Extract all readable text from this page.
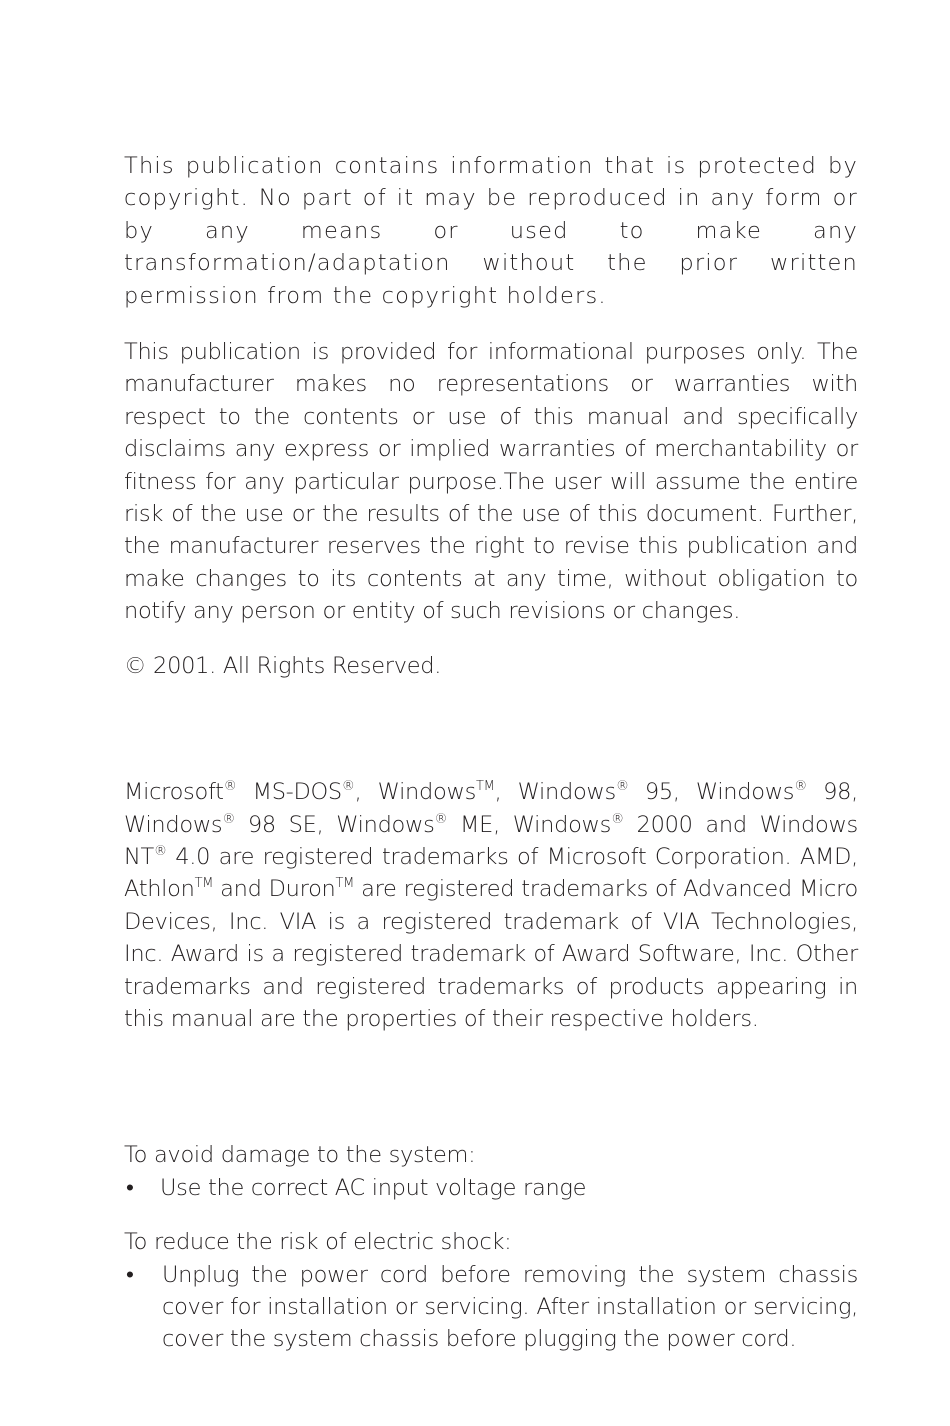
This publication contains information that is protected by copyright. No part of it may be reproduced in any form or by any means or used to make any transformation/adaptation without the prior written permission from the copyright holders.

This publication is provided for informational purposes only. The manufacturer makes no representations or warranties with respect to the contents or use of this manual and specifically disclaims any express or implied warranties of merchantability or fitness for any particular purpose.The user will assume the entire risk of the use or the results of the use of this document. Further, the manufacturer reserves the right to revise this publication and make changes to its contents at any time, without obligation to notify any person or entity of such revisions or changes.

© 2001. All Rights Reserved.

Microsoft® MS-DOS®, Windows™, Windows® 95, Windows® 98, Windows® 98 SE, Windows® ME, Windows® 2000 and Windows NT® 4.0 are registered trademarks of Microsoft Corporation. AMD, Athlon™ and Duron™ are registered trademarks of Advanced Micro Devices, Inc. VIA is a registered trademark of VIA Technologies, Inc. Award is a registered trademark of Award Software, Inc. Other trademarks and registered trademarks of products appearing in this manual are the properties of their respective holders.

To avoid damage to the system:

• Use the correct AC input voltage range

To reduce the risk of electric shock:

• Unplug the power cord before removing the system chassis cover for installation or servicing. After installation or servicing, cover the system chassis before plugging the power cord.
